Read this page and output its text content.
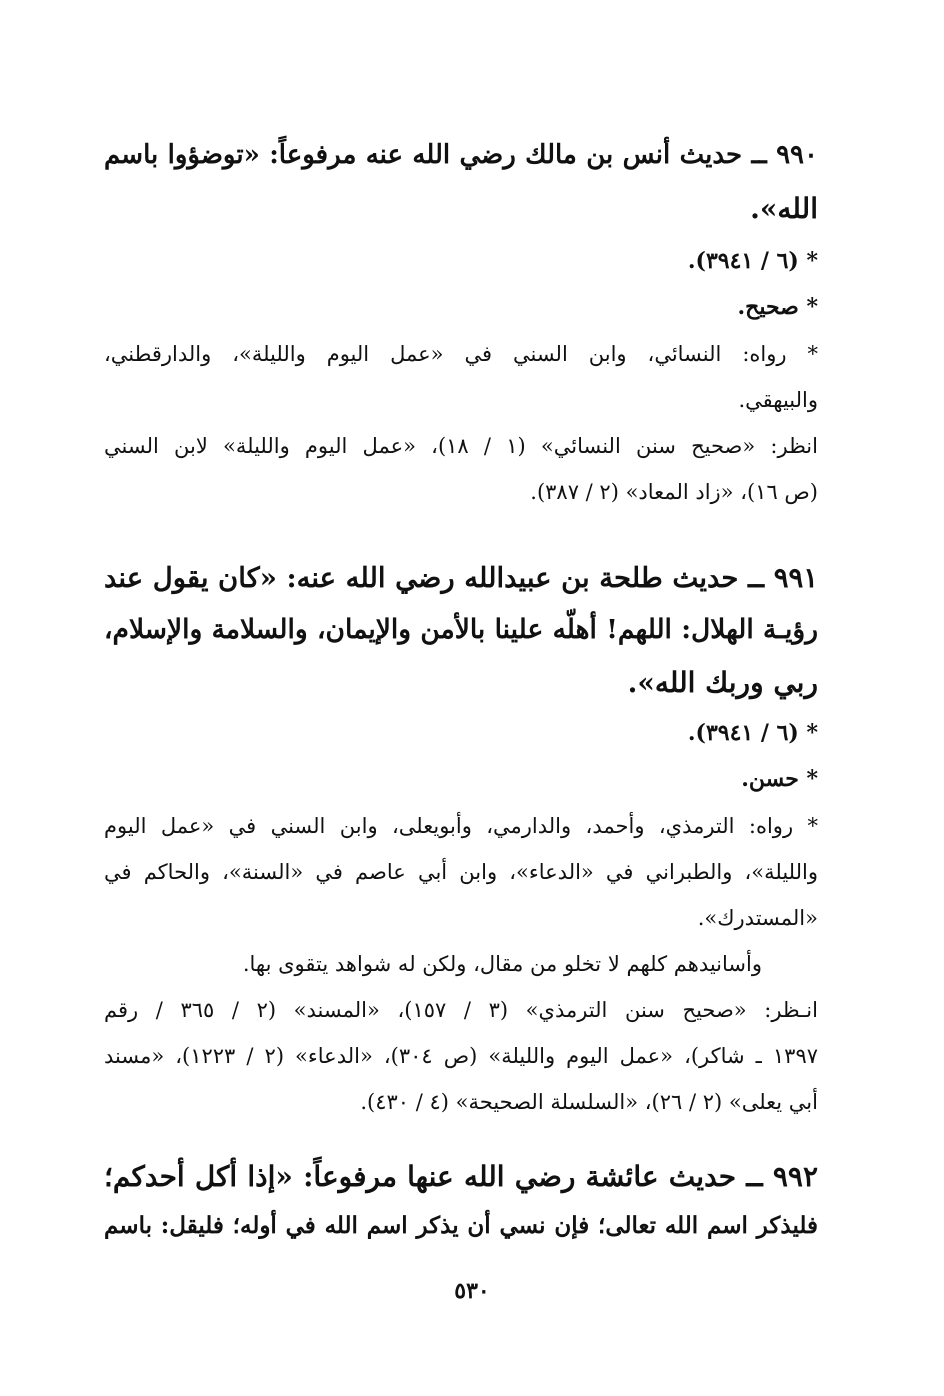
٩٩٠ ــ حديث أنس بن مالك رضي الله عنه مرفوعاً: «توضؤوا باسم
الله».
* (٦ / ٣٩٤١).
* صحيح.
* رواه: النسائي، وابن السني في «عمل اليوم والليلة»، والدارقطني،
والبيهقي.
انظر: «صحيح سنن النسائي» (١ / ١٨)، «عمل اليوم والليلة» لابن السني
(ص ١٦)، «زاد المعاد» (٢ / ٣٨٧).
٩٩١ ــ حديث طلحة بن عبيدالله رضي الله عنه: «كان يقول عند
رؤيـة الهلال: اللهم! أهلّه علينا بالأمن والإيمان، والسلامة والإسلام،
ربي وربك الله».
* (٦ / ٣٩٤١).
* حسن.
* رواه: الترمذي، وأحمد، والدارمي، وأبويعلى، وابن السني في «عمل اليوم
والليلة»، والطبراني في «الدعاء»، وابن أبي عاصم في «السنة»، والحاكم في
«المستدرك».
وأسانيدهم كلهم لا تخلو من مقال، ولكن له شواهد يتقوى بها.
انـظر: «صحيح سنن الترمذي» (٣ / ١٥٧)، «المسند» (٢ / ٣٦٥ / رقم
١٣٩٧ ـ شاكر)، «عمل اليوم والليلة» (ص ٣٠٤)، «الدعاء» (٢ / ١٢٢٣)، «مسند
أبي يعلى» (٢ / ٢٦)، «السلسلة الصحيحة» (٤ / ٤٣٠).
٩٩٢ ــ حديث عائشة رضي الله عنها مرفوعاً: «إذا أكل أحدكم؛
فليذكر اسم الله تعالى؛ فإن نسي أن يذكر اسم الله في أوله؛ فليقل: باسم
٥٣٠
